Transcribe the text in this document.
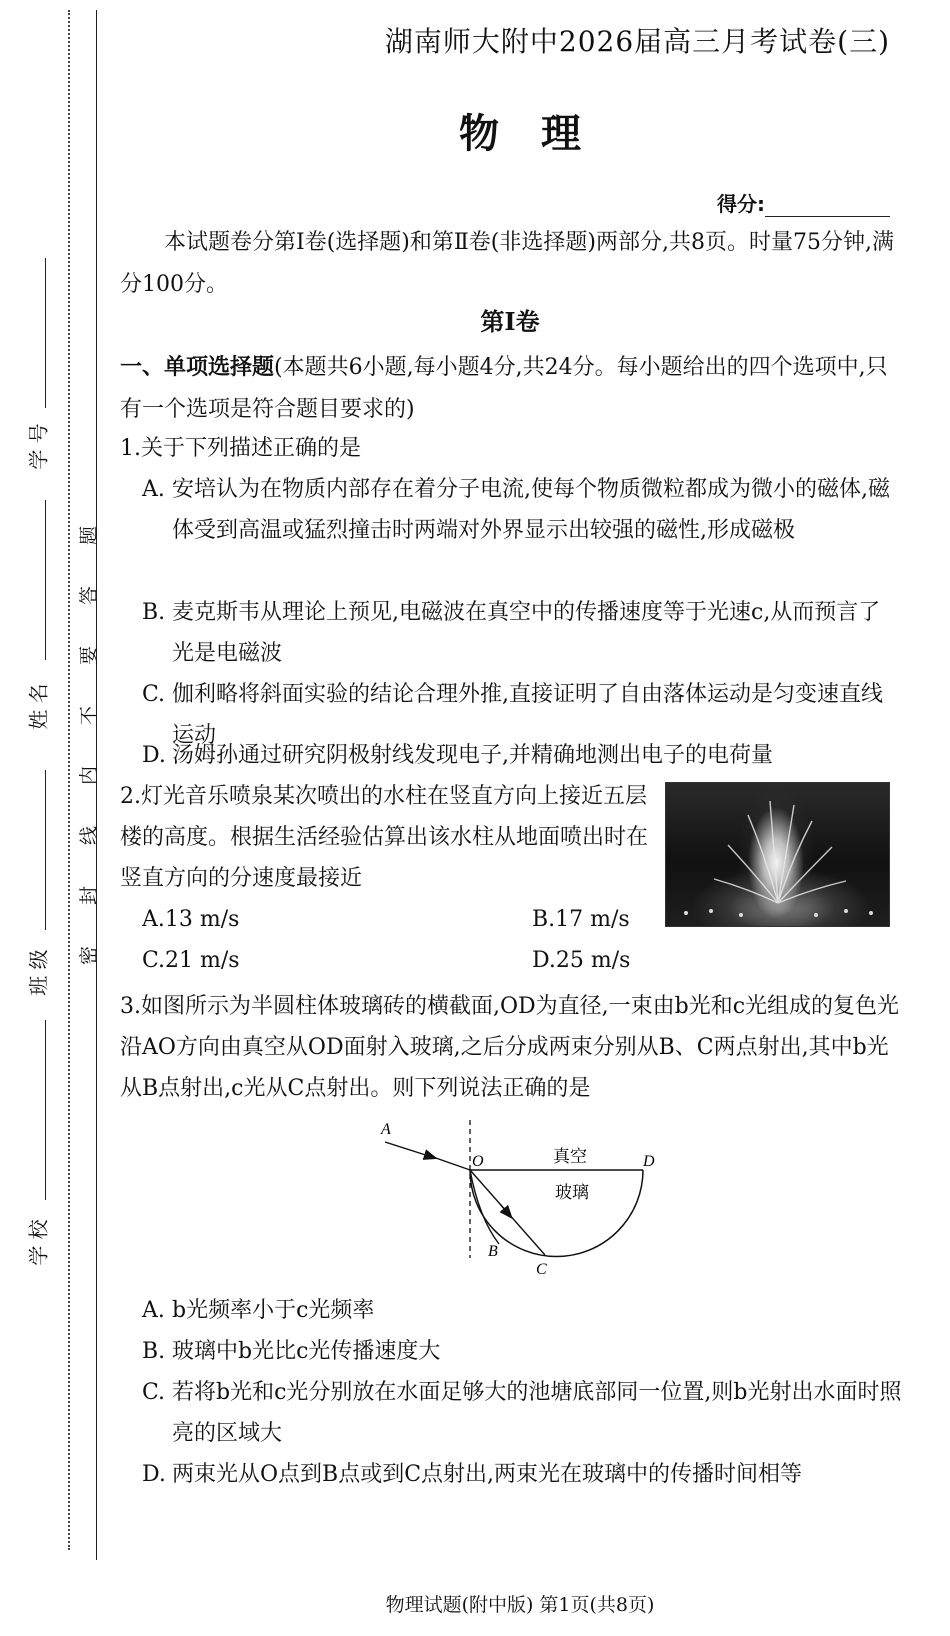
学 校
班 级
姓 名
学 号
密
封
线
内
不
要
答
题
湖南师大附中2026届高三月考试卷(三)
物理
得分:
本试题卷分第Ⅰ卷(选择题)和第Ⅱ卷(非选择题)两部分,共8页。时量75分钟,满分100分。
第Ⅰ卷
一、单项选择题(本题共6小题,每小题4分,共24分。每小题给出的四个选项中,只有一个选项是符合题目要求的)
1.关于下列描述正确的是
A. 安培认为在物质内部存在着分子电流,使每个物质微粒都成为微小的磁体,磁体受到高温或猛烈撞击时两端对外界显示出较强的磁性,形成磁极
B. 麦克斯韦从理论上预见,电磁波在真空中的传播速度等于光速c,从而预言了光是电磁波
C. 伽利略将斜面实验的结论合理外推,直接证明了自由落体运动是匀变速直线运动
D. 汤姆孙通过研究阴极射线发现电子,并精确地测出电子的电荷量
2.灯光音乐喷泉某次喷出的水柱在竖直方向上接近五层楼的高度。根据生活经验估算出该水柱从地面喷出时在竖直方向的分速度最接近
A.13 m/s	B.17 m/s
C.21 m/s	D.25 m/s
3.如图所示为半圆柱体玻璃砖的横截面,OD为直径,一束由b光和c光组成的复色光沿AO方向由真空从OD面射入玻璃,之后分成两束分别从B、C两点射出,其中b光从B点射出,c光从C点射出。则下列说法正确的是
A
O	D
B
C
真空
玻璃
A. b光频率小于c光频率
B. 玻璃中b光比c光传播速度大
C. 若将b光和c光分别放在水面足够大的池塘底部同一位置,则b光射出水面时照亮的区域大
D. 两束光从O点到B点或到C点射出,两束光在玻璃中的传播时间相等
物理试题(附中版) 第1页(共8页)
